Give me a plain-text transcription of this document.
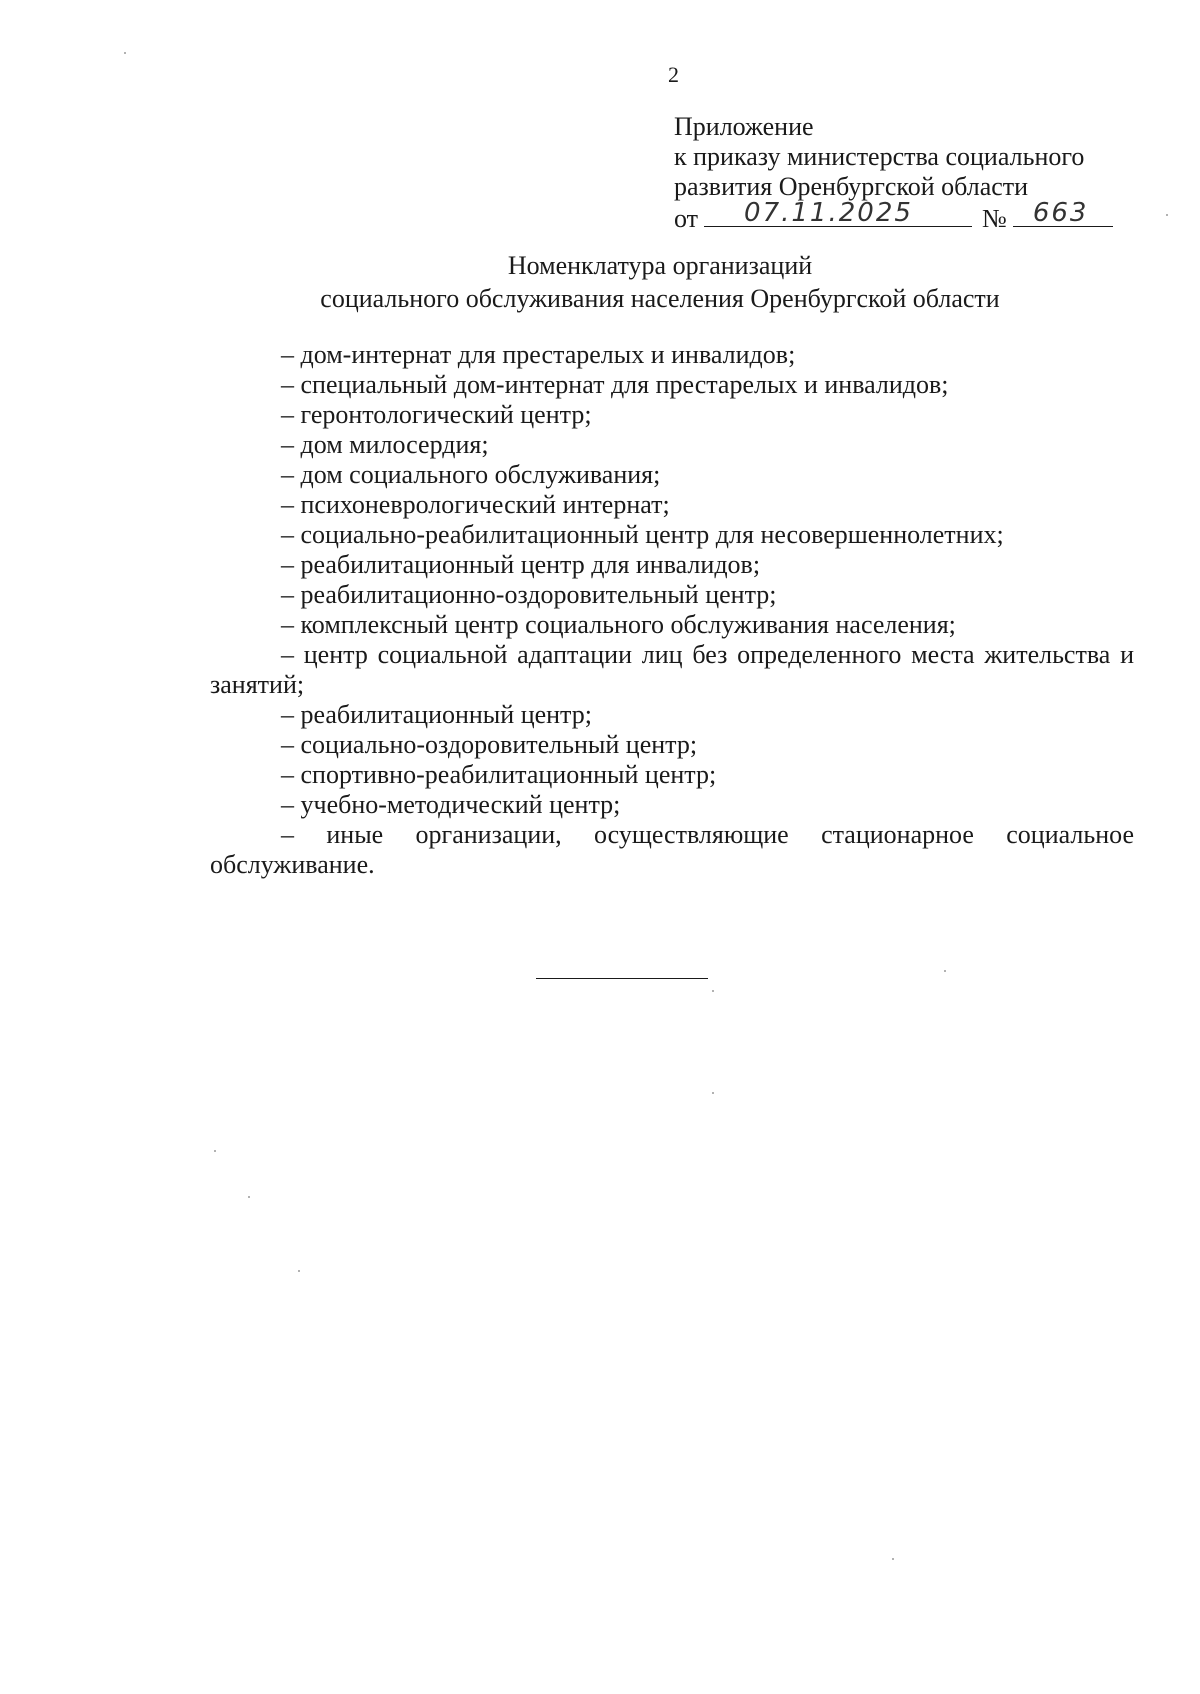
2
Приложение
к приказу министерства социального
развития Оренбургской области
от 07.11.2025	№ 663
Номенклатура организаций
социального обслуживания населения Оренбургской области
– дом-интернат для престарелых и инвалидов;
– специальный дом-интернат для престарелых и инвалидов;
– геронтологический центр;
– дом милосердия;
– дом социального обслуживания;
– психоневрологический интернат;
– социально-реабилитационный центр для несовершеннолетних;
– реабилитационный центр для инвалидов;
– реабилитационно-оздоровительный центр;
– комплексный центр социального обслуживания населения;
– центр социальной адаптации лиц без определенного места жительства и занятий;
– реабилитационный центр;
– социально-оздоровительный центр;
– спортивно-реабилитационный центр;
– учебно-методический центр;
– иные организации, осуществляющие стационарное социальное обслуживание.
